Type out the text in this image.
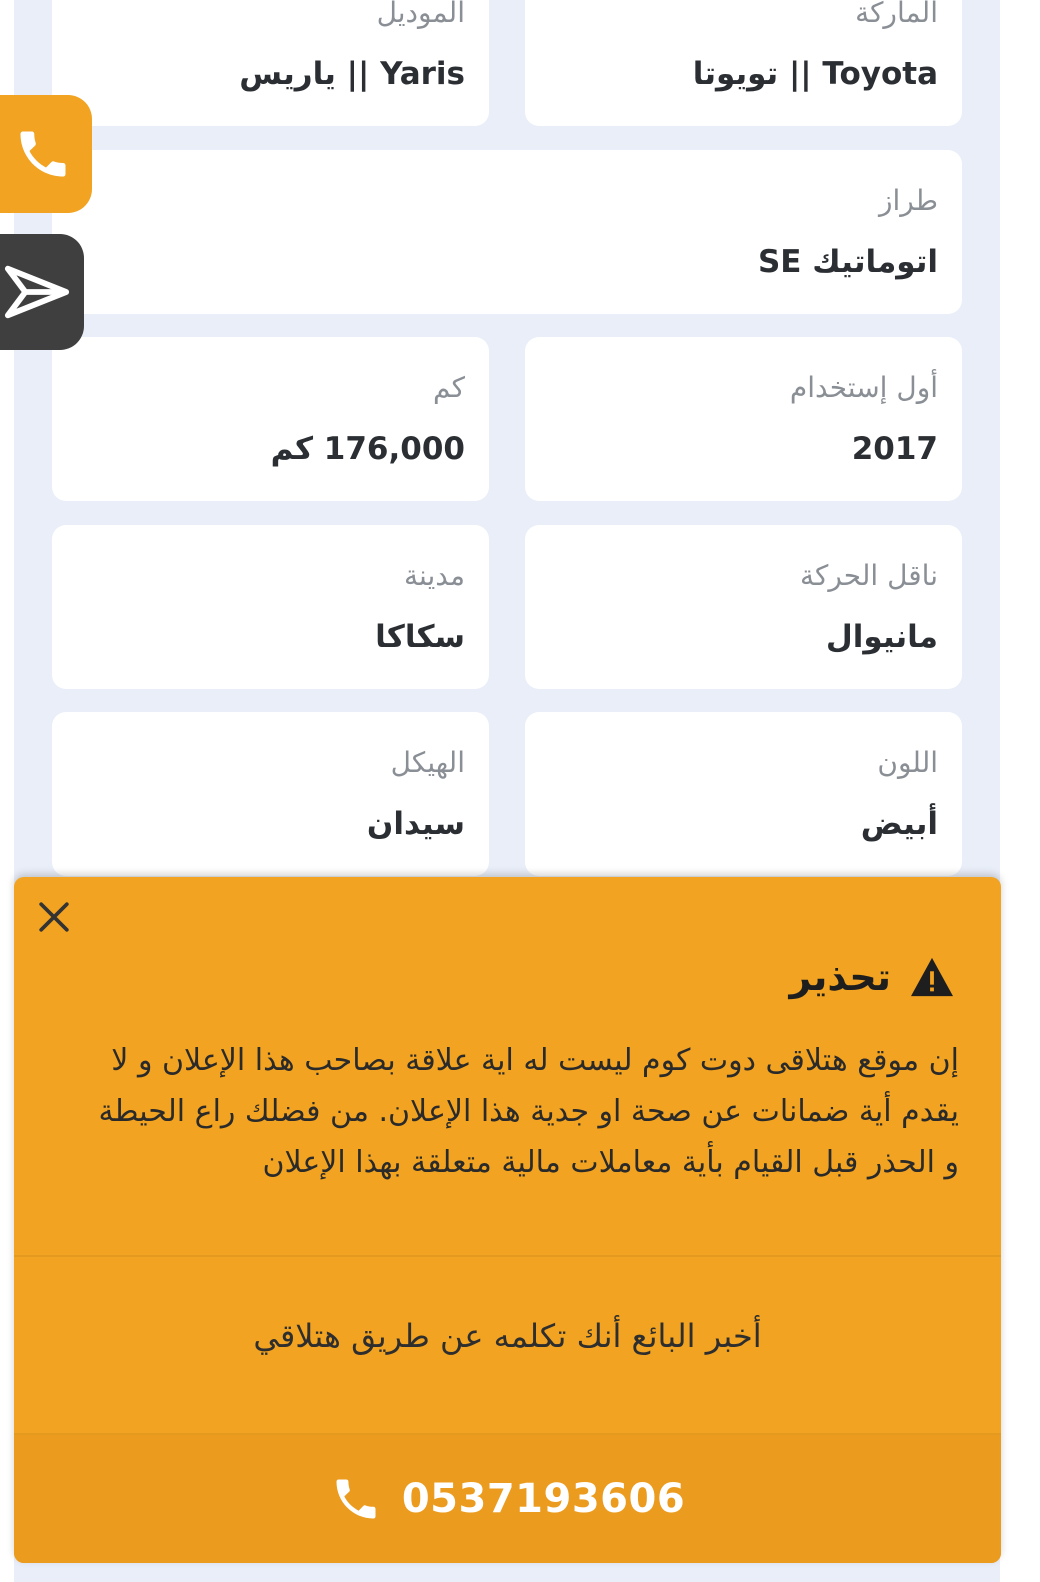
الماركة
Toyota || تويوتا
الموديل
Yaris || ياريس
طراز
اتوماتيك SE
أول إستخدام
2017
كم
176,000 كم
ناقل الحركة
مانيوال
مدينة
سكاكا
اللون
أبيض
الهيكل
سيدان
تحذير
إن موقع هتلاقى دوت كوم ليست له اية علاقة بصاحب هذا الإعلان و لا يقدم أية ضمانات عن صحة او جدية هذا الإعلان. من فضلك راع الحيطة و الحذر قبل القيام بأية معاملات مالية متعلقة بهذا الإعلان
أخبر البائع أنك تكلمه عن طريق هتلاقي
0537193606
